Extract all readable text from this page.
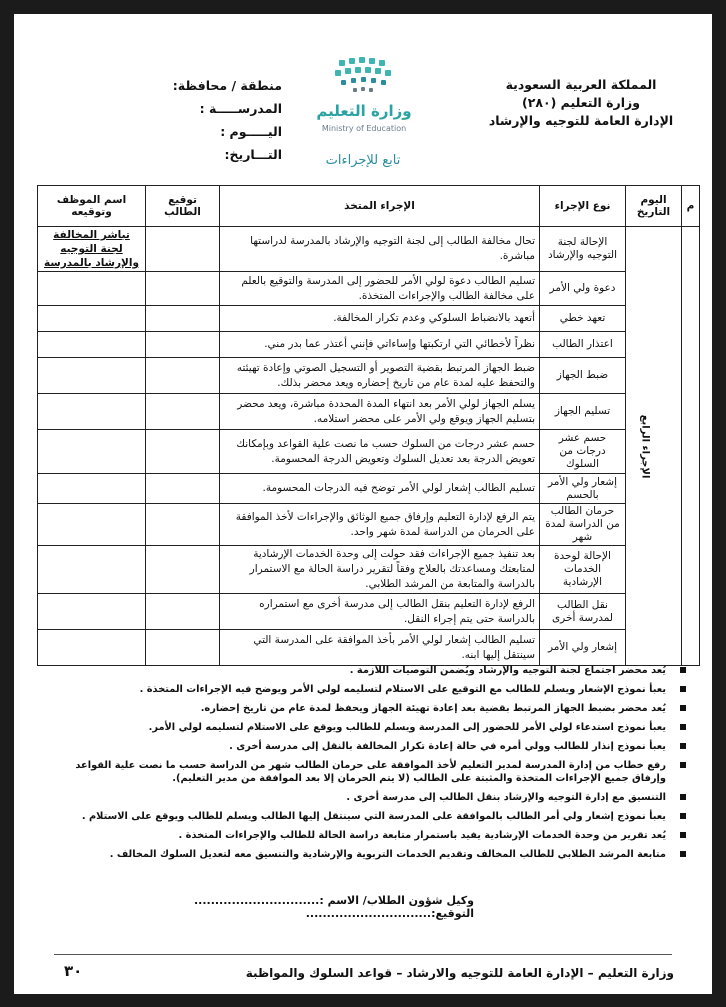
المملكة العربية السعودية
وزارة التعليم (٢٨٠)
الإدارة العامة للتوجيه والإرشاد
وزارة التعليم
Ministry of Education
منطقة / محافظة:
المدرســـــة :
اليـــــوم :
التـــاريخ:	تابع للإجراءات
م	اليوم التاريخ	نوع الإجراء	الإجراء المتخذ	توقيع الطالب	اسم الموظف وتوقيعه
	الإجراء الرابع	الإحالة لجنة التوجيه والإرشاد	تحال مخالفة الطالب إلى لجنة التوجيه والإرشاد بالمدرسة لدراستها مباشرة.		تباشر المخالفة لجنة التوجيه والإرشاد بالمدرسة
		دعوة ولي الأمر	تسليم الطالب دعوة لولي الأمر للحضور إلى المدرسة والتوقيع بالعلم على مخالفة الطالب والإجراءات المتخذة.		
		تعهد خطي	أتعهد بالانضباط السلوكي وعدم تكرار المخالفة.		
		اعتذار الطالب	نظراً لأخطائي التي ارتكبتها وإساءاتي فإنني أعتذر عما بدر مني.		
		ضبط الجهاز	ضبط الجهاز المرتبط بقضية التصوير أو التسجيل الصوتي وإعادة تهيئته والتحفظ عليه لمدة عام من تاريخ إحضاره ويعد محضر بذلك.		
		تسليم الجهاز	يسلم الجهاز لولي الأمر بعد انتهاء المدة المحددة مباشرة، ويعد محضر بتسليم الجهاز ويوقع ولي الأمر على محضر استلامه.		
		حسم عشر درجات من السلوك	حسم عشر درجات من السلوك حسب ما نصت علية القواعد وبإمكانك تعويض الدرجة بعد تعديل السلوك وتعويض الدرجة المحسومة.		
		إشعار ولي الأمر بالحسم	تسليم الطالب إشعار لولي الأمر توضح فيه الدرجات المحسومة.		
		حرمان الطالب من الدراسة لمدة شهر	يتم الرفع لإدارة التعليم وإرفاق جميع الوثائق والإجراءات لأخذ الموافقة على الحرمان من الدراسة لمدة شهر واحد.		
		الإحالة لوحدة الخدمات الإرشادية	بعد تنفيذ جميع الإجراءات فقد حولت إلى وحدة الخدمات الإرشادية لمتابعتك ومساعدتك بالعلاج وفقاً لتقرير دراسة الحالة مع الاستمرار بالدراسة والمتابعة من المرشد الطلابي.		
		نقل الطالب لمدرسة أخرى	الرفع لإدارة التعليم بنقل الطالب إلى مدرسة أخرى مع استمراره بالدراسة حتى يتم إجراء النقل.		
		إشعار ولي الأمر	تسليم الطالب إشعار لولي الأمر بأخذ الموافقة على المدرسة التي سينتقل إليها ابنه.		
يُعد محضر اجتماع لجنة التوجيه والإرشاد ويُضمن التوصيات اللازمة .
يعبأ نموذج الإشعار ويسلم للطالب مع التوقيع على الاستلام لتسليمه لولي الأمر ويوضح فيه الإجراءات المتخذة .
يُعد محضر بضبط الجهاز المرتبط بقضية بعد إعادة تهيئة الجهاز ويحفظ لمدة عام من تاريخ إحضاره.
يعبأ نموذج استدعاء لولي الأمر للحضور إلى المدرسة ويسلم للطالب ويوقع على الاستلام لتسليمه لولي الأمر.
يعبأ نموذج إنذار للطالب وولي أمره في حالة إعادة تكرار المخالفة بالنقل إلى مدرسة أخرى .
رفع خطاب من إدارة المدرسة لمدير التعليم لأخذ الموافقة على حرمان الطالب شهر من الدراسة حسب ما نصت علية القواعد وإرفاق جميع الإجراءات المتخذة والمثبتة على الطالب (لا يتم الحرمان إلا بعد الموافقة من مدير التعليم).
التنسيق مع إدارة التوجيه والإرشاد بنقل الطالب إلى مدرسة أخرى .
يعبأ نموذج إشعار ولي أمر الطالب بالموافقة على المدرسة التي سينتقل إليها الطالب ويسلم للطالب ويوقع على الاستلام .
يُعد تقرير من وحدة الخدمات الإرشادية يفيد باستمرار متابعة دراسة الحالة للطالب والإجراءات المتخذة .
متابعة المرشد الطلابي للطالب المخالف وتقديم الخدمات التربوية والإرشادية والتنسيق معه لتعديل السلوك المخالف .
وكيل شؤون الطلاب/ الاسم :.............................. التوقيع:..............................
وزارة التعليم – الإدارة العامة للتوجيه والارشاد – قواعد السلوك والمواظبة
٣٠
